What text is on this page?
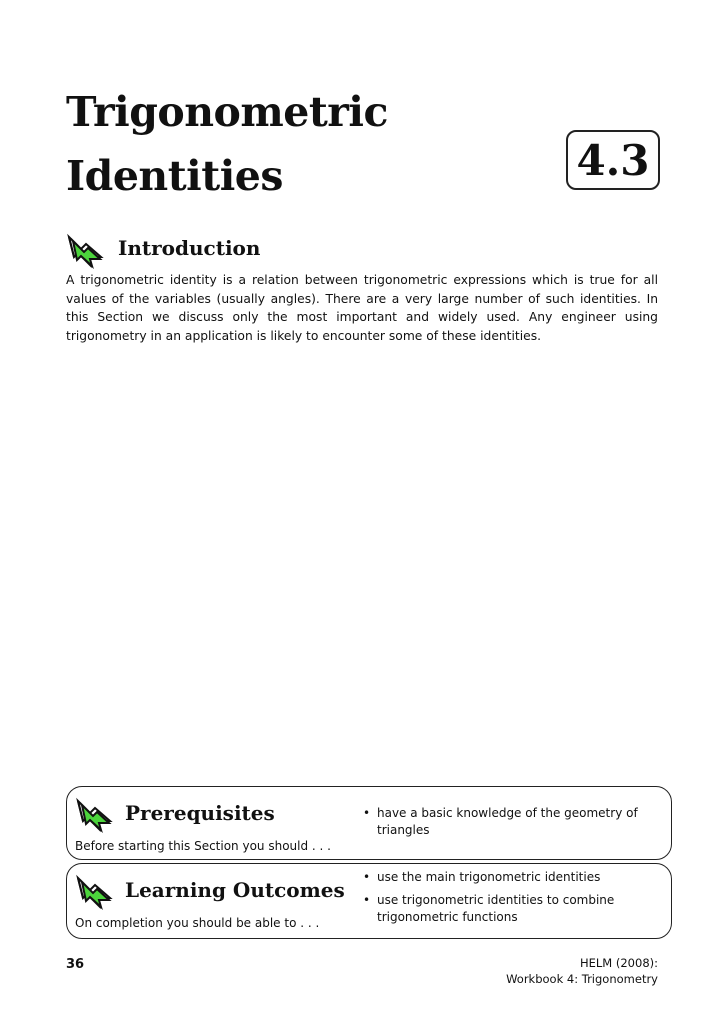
Trigonometric
Identities	4.3
Introduction
A trigonometric identity is a relation between trigonometric expressions which is true for all values of the variables (usually angles). There are a very large number of such identities. In this Section we discuss only the most important and widely used. Any engineer using trigonometry in an application is likely to encounter some of these identities.
Prerequisites
Before starting this Section you should . . .
• have a basic knowledge of the geometry of triangles
Learning Outcomes
On completion you should be able to . . .
• use the main trigonometric identities
• use trigonometric identities to combine trigonometric functions
36	HELM (2008):
Workbook 4: Trigonometry
